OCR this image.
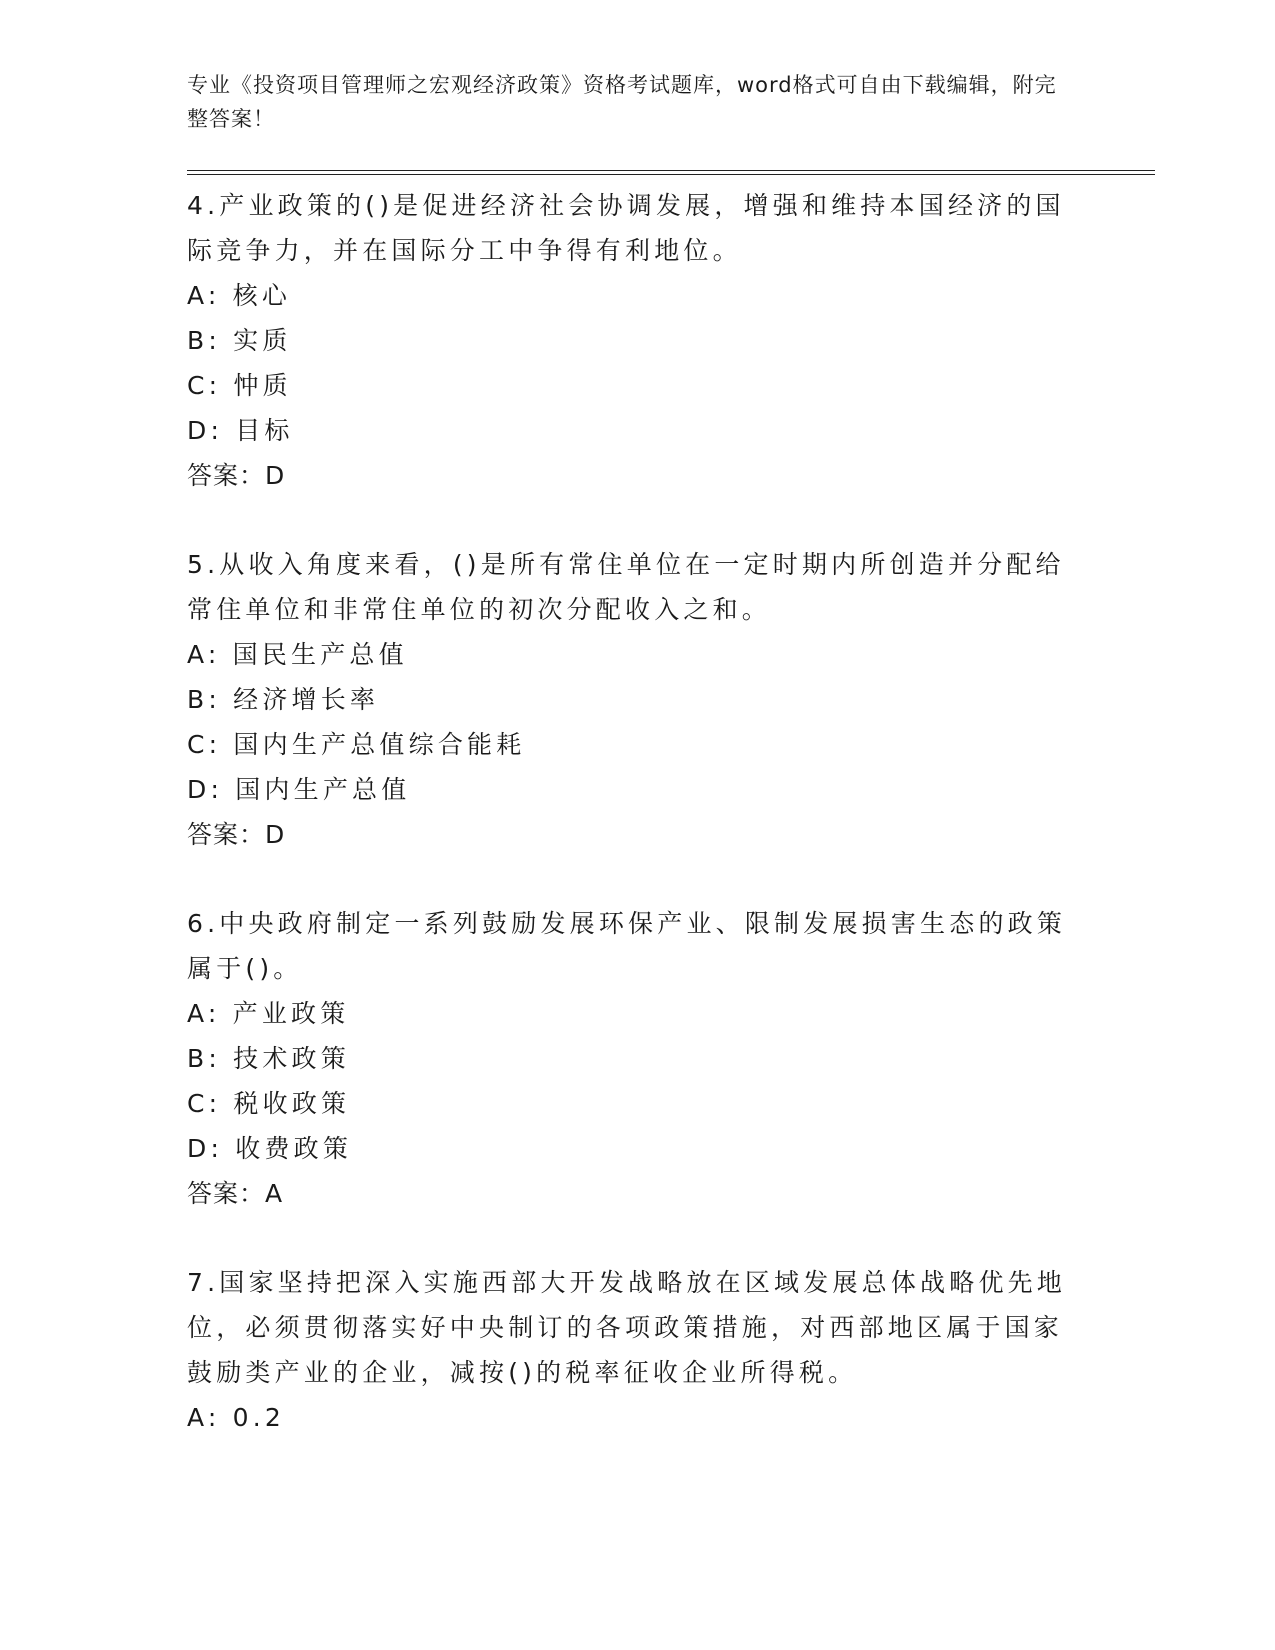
专业《投资项目管理师之宏观经济政策》资格考试题库，word格式可自由下载编辑，附完整答案！

4.产业政策的()是促进经济社会协调发展，增强和维持本国经济的国际竞争力，并在国际分工中争得有利地位。

A: 核心

B: 实质

C: 忡质

D: 目标

答案：D

5.从收入角度来看，()是所有常住单位在一定时期内所创造并分配给常住单位和非常住单位的初次分配收入之和。

A: 国民生产总值

B: 经济增长率

C: 国内生产总值综合能耗

D: 国内生产总值

答案：D

6.中央政府制定一系列鼓励发展环保产业、限制发展损害生态的政策属于()。

A: 产业政策

B: 技术政策

C: 税收政策

D: 收费政策

答案：A

7.国家坚持把深入实施西部大开发战略放在区域发展总体战略优先地位，必须贯彻落实好中央制订的各项政策措施，对西部地区属于国家鼓励类产业的企业，减按()的税率征收企业所得税。

A: 0.2
